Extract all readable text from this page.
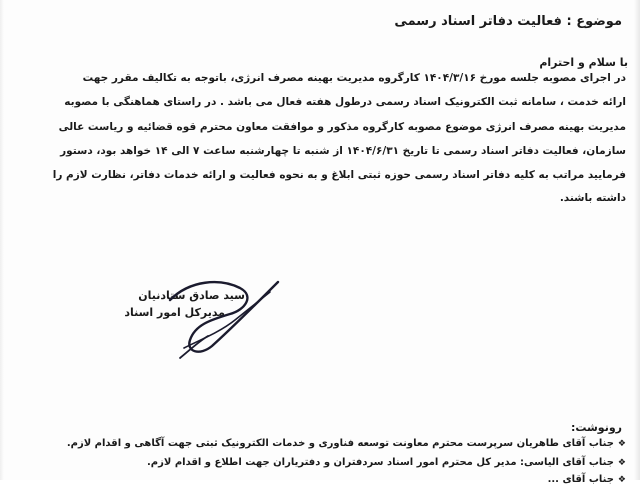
موضوع : فعالیت دفاتر اسناد رسمی
با سلام و احترام
در اجرای مصوبه جلسه مورخ ۱۴۰۴/۳/۱۶ کارگروه مدیریت بهینه مصرف انرژی، باتوجه به تکالیف مقرر جهت
ارائه خدمت ، سامانه ثبت الکترونیک اسناد رسمی درطول هفته فعال می باشد . در راستای هماهنگی با مصوبه
مدیریت بهینه مصرف انرژی موضوع مصوبه کارگروه مذکور و موافقت معاون محترم قوه قضائیه و ریاست عالی
سازمان، فعالیت دفاتر اسناد رسمی تا تاریخ ۱۴۰۴/۶/۳۱ از شنبه تا چهارشنبه ساعت ۷ الی ۱۴ خواهد بود، دستور
فرمایید مراتب به کلیه دفاتر اسناد رسمی حوزه ثبتی ابلاغ و به نحوه فعالیت و ارائه خدمات دفاتر، نظارت لازم را
داشته باشند.
سید صادق ستادنیان
مدیرکل امور اسناد
رونوشت:
❖جناب آقای طاهریان سرپرست محترم معاونت توسعه فناوری و خدمات الکترونیک ثبتی جهت آگاهی و اقدام لازم.
❖جناب آقای الیاسی: مدیر کل محترم امور اسناد سردفتران و دفتریاران جهت اطلاع و اقدام لازم.
❖جناب آقای ...
